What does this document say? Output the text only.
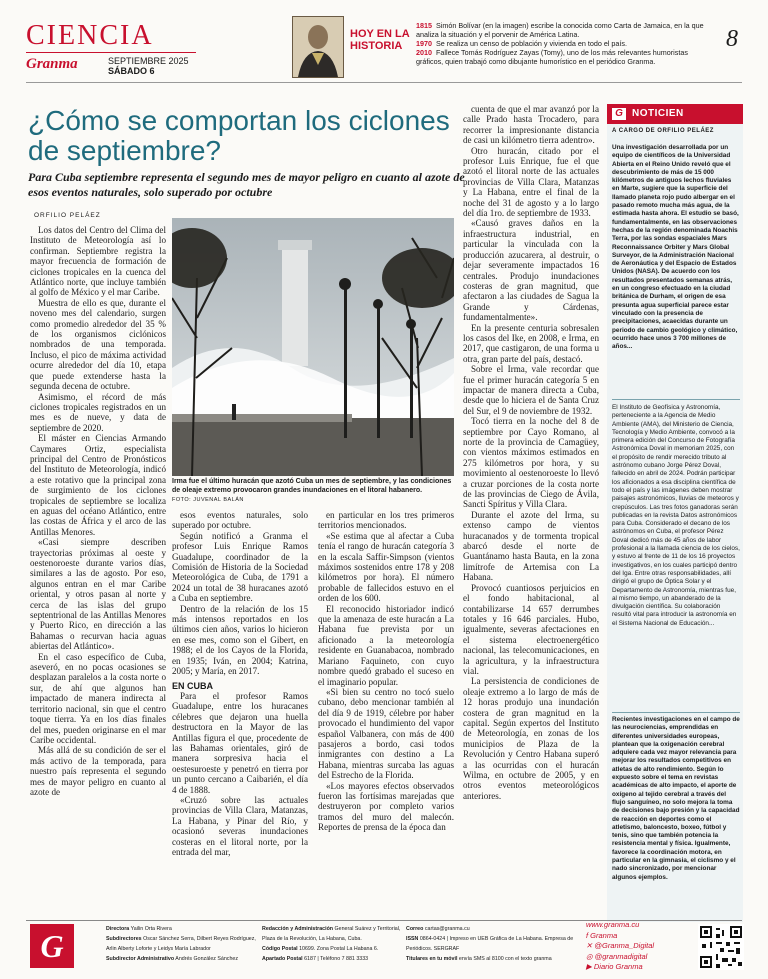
CIENCIA
Granma	SEPTIEMBRE 2025
SÁBADO 6
HOY EN LA HISTORIA
1815 Simón Bolívar (en la imagen) escribe la conocida como Carta de Jamaica, en la que analiza la situación y el porvenir de América Latina.
1970 Se realiza un censo de población y vivienda en todo el país.
2010 Fallece Tomás Rodríguez Zayas (Tomy), uno de los más relevantes humoristas gráficos, quien trabajó como dibujante humorístico en el periódico Granma.
8
¿Cómo se comportan los ciclones de septiembre?
Para Cuba septiembre representa el segundo mes de mayor peligro en cuanto al azote de esos eventos naturales, solo superado por octubre
ORFILIO PELÁEZ

Los datos del Centro del Clima del Instituto de Meteorología así lo confirman. Septiembre registra la mayor frecuencia de formación de ciclones tropicales en la cuenca del Atlántico norte, que incluye también al golfo de México y el mar Caribe.

Muestra de ello es que, durante el noveno mes del calendario, surgen como promedio alrededor del 35 % de los organismos ciclónicos nombrados de una temporada. Incluso, el pico de máxima actividad ocurre alrededor del día 10, etapa que puede extenderse hasta la segunda decena de octubre.

Asimismo, el récord de más ciclones tropicales registrados en un mes es de nueve, y data de septiembre de 2020.

El máster en Ciencias Armando Caymares Ortiz, especialista principal del Centro de Pronósticos del Instituto de Meteorología, indicó a este rotativo que la principal zona de surgimiento de los ciclones tropicales de septiembre se localiza en aguas del océano Atlántico, entre las costas de África y el arco de las Antillas Menores.

«Casi siempre describen trayectorias próximas al oeste y oestenoroeste durante varios días, similares a las de agosto. Por eso, algunos entran en el mar Caribe oriental, y otros pasan al norte y cerca de las islas del grupo septentrional de las Antillas Menores y Puerto Rico, en dirección a las Bahamas o recurvan hacia aguas abiertas del Atlántico».

En el caso específico de Cuba, aseveró, en no pocas ocasiones se desplazan paralelos a la costa norte o sur, de ahí que algunos han impactado de manera indirecta al territorio nacional, sin que el centro toque tierra. Ya en los días finales del mes, pueden originarse en el mar Caribe occidental.

Más allá de su condición de ser el más activo de la temporada, para nuestro país representa el segundo mes de mayor peligro en cuanto al azote de

Irma fue el último huracán que azotó Cuba un mes de septiembre, y las condiciones de oleaje extremo provocaron grandes inundaciones en el litoral habanero.
FOTO: JUVENAL BALÁN

esos eventos naturales, solo superado por octubre.

Según notificó a Granma el profesor Luis Enrique Ramos Guadalupe, coordinador de la Comisión de Historia de la Sociedad Meteorológica de Cuba, de 1791 a 2024 un total de 38 huracanes azotó a Cuba en septiembre.

Dentro de la relación de los 15 más intensos reportados en los últimos cien años, varios lo hicieron en ese mes, como son el Gibert, en 1988; el de los Cayos de la Florida, en 1935; Iván, en 2004; Katrina, 2005; y María, en 2017.

EN CUBA

Para el profesor Ramos Guadalupe, entre los huracanes célebres que dejaron una huella destructora en la Mayor de las Antillas figura el que, procedente de las Bahamas orientales, giró de manera sorpresiva hacia el oestesuroeste y penetró en tierra por un punto cercano a Caibarién, el día 4 de 1888.

«Cruzó sobre las actuales provincias de Villa Clara, Matanzas, La Habana, y Pinar del Río, y ocasionó severas inundaciones costeras en el litoral norte, por la entrada del mar,

en particular en los tres primeros territorios mencionados.

«Se estima que al afectar a Cuba tenía el rango de huracán categoría 3 en la escala Saffir-Simpson (vientos máximos sostenidos entre 178 y 208 kilómetros por hora). El número probable de fallecidos estuvo en el orden de los 600.

El reconocido historiador indicó que la amenaza de este huracán a La Habana fue prevista por un aficionado a la meteorología residente en Guanabacoa, nombrado Mariano Faquineto, con cuyo nombre quedó grabado el suceso en el imaginario popular.

«Si bien su centro no tocó suelo cubano, debo mencionar también al del día 9 de 1919, célebre por haber provocado el hundimiento del vapor español Valbanera, con más de 400 pasajeros a bordo, casi todos inmigrantes con destino a La Habana, mientras surcaba las aguas del Estrecho de la Florida.

«Los mayores efectos observados fueron las fortísimas marejadas que destruyeron por completo varios tramos del muro del malecón. Reportes de prensa de la época dan

cuenta de que el mar avanzó por la calle Prado hasta Trocadero, para recorrer la impresionante distancia de casi un kilómetro tierra adentro».

Otro huracán, citado por el profesor Luis Enrique, fue el que azotó el litoral norte de las actuales provincias de Villa Clara, Matanzas y La Habana, entre el final de la noche del 31 de agosto y a lo largo del día 1ro. de septiembre de 1933.

«Causó graves daños en la infraestructura industrial, en particular la vinculada con la producción azucarera, al destruir, o dejar severamente impactados 16 centrales. Produjo inundaciones costeras de gran magnitud, que afectaron a las ciudades de Sagua la Grande y Cárdenas, fundamentalmente».

En la presente centuria sobresalen los casos del Ike, en 2008, e Irma, en 2017, que castigaron, de una forma u otra, gran parte del país, destacó.

Sobre el Irma, vale recordar que fue el primer huracán categoría 5 en impactar de manera directa a Cuba, desde que lo hiciera el de Santa Cruz del Sur, el 9 de noviembre de 1932.

Tocó tierra en la noche del 8 de septiembre por Cayo Romano, al norte de la provincia de Camagüey, con vientos máximos estimados en 275 kilómetros por hora, y su movimiento al oestenoroeste lo llevó a cruzar porciones de la costa norte de las provincias de Ciego de Ávila, Sancti Spíritus y Villa Clara.

Durante el azote del Irma, su extenso campo de vientos huracanados y de tormenta tropical abarcó desde el norte de Guantánamo hasta Bauta, en la zona limítrofe de Artemisa con La Habana.

Provocó cuantiosos perjuicios en el fondo habitacional, al contabilizarse 14 657 derrumbes totales y 16 646 parciales. Hubo, igualmente, severas afectaciones en el sistema electroenergético nacional, las telecomunicaciones, en la agricultura, y la infraestructura vial.

La persistencia de condiciones de oleaje extremo a lo largo de más de 12 horas produjo una inundación costera de gran magnitud en la capital. Según expertos del Instituto de Meteorología, en zonas de los municipios de Plaza de la Revolución y Centro Habana superó a las ocurridas con el huracán Wilma, en octubre de 2005, y en otros eventos meteorológicos anteriores.

G NOTICIEN
A CARGO DE ORFILIO PELÁEZ
Una investigación desarrollada por un equipo de científicos de la Universidad Abierta en el Reino Unido reveló que el descubrimiento de más de 15 000 kilómetros de antiguos lechos fluviales en Marte, sugiere que la superficie del llamado planeta rojo pudo albergar en el pasado remoto mucha más agua, de la estimada hasta ahora. El estudio se basó, fundamentalmente, en las observaciones hechas de la región denominada Noachis Terra, por las sondas espaciales Mars Reconnaissance Orbiter y Mars Global Surveyor, de la Administración Nacional de Aeronáutica y del Espacio de Estados Unidos (NASA). De acuerdo con los resultados presentados semanas atrás, en un congreso efectuado en la ciudad británica de Durham, el origen de esa presunta agua superficial parece estar vinculado con la presencia de precipitaciones, acaecidas durante un periodo de cambio geológico y climático, ocurrido hace unos 3 700 millones de años...
El Instituto de Geofísica y Astronomía, perteneciente a la Agencia de Medio Ambiente (AMA), del Ministerio de Ciencia, Tecnología y Medio Ambiente, convocó a la primera edición del Concurso de Fotografía Astronómica Doval in memoriam 2025, con el propósito de rendir merecido tributo al astrónomo cubano Jorge Pérez Doval, fallecido en abril de 2024. Podrán participar los aficionados a esa disciplina científica de todo el país y las imágenes deben mostrar paisajes astronómicos, lluvias de meteoros y crepúsculos. Las tres fotos ganadoras serán publicadas en la revista Datos astronómicos para Cuba. Considerado el decano de los astrónomos en Cuba, el profesor Pérez Doval dedicó más de 45 años de labor profesional a la llamada ciencia de los cielos, y estuvo al frente de 11 de los 16 proyectos investigativos, en los cuales participó dentro del Iga. Entre otras responsabilidades, allí dirigió el grupo de Óptica Solar y el Departamento de Astronomía, mientras fue, al mismo tiempo, un abanderado de la divulgación científica. Su colaboración resultó vital para introducir la astronomía en el Sistema Nacional de Educación...
Recientes investigaciones en el campo de las neurociencias, emprendidas en diferentes universidades europeas, plantean que la oxigenación cerebral adquiere cada vez mayor relevancia para mejorar los resultados competitivos en atletas de alto rendimiento. Según lo expuesto sobre el tema en revistas académicas de alto impacto, el aporte de oxígeno al tejido cerebral a través del flujo sanguíneo, no solo mejora la toma de decisiones bajo presión y la capacidad de reacción en deportes como el atletismo, baloncesto, boxeo, fútbol y tenis, sino que también potencia la resistencia mental y física. Igualmente, favorece la coordinación motora, en particular en la gimnasia, el ciclismo y el nado sincronizado, por mencionar algunos ejemplos.
G	Directora Yailin Orta Rivera
Subdirectores Oscar Sánchez Serra, Dilbert Reyes Rodríguez, Arlin Alberty Loforte y Leidys María Labrador
Subdirector Administrativo Andrés González Sánchez
Redacción y Administración General Suárez y Territorial, Plaza de la Revolución, La Habana, Cuba.
Código Postal 10699. Zona Postal La Habana 6.
Apartado Postal 6187 | Teléfono 7 881 3333
Correo cartas@granma.cu
ISSN 0864-0424 | Impreso en UEB Gráfica de La Habana. Empresa de Periódicos. SERGRAF
Titulares en tu móvil envía SMS al 8100 con el texto granma
www.granma.cu
f Granma
✕ @Granma_Digital
◎ @granmadigital
▶ Diario Granma
